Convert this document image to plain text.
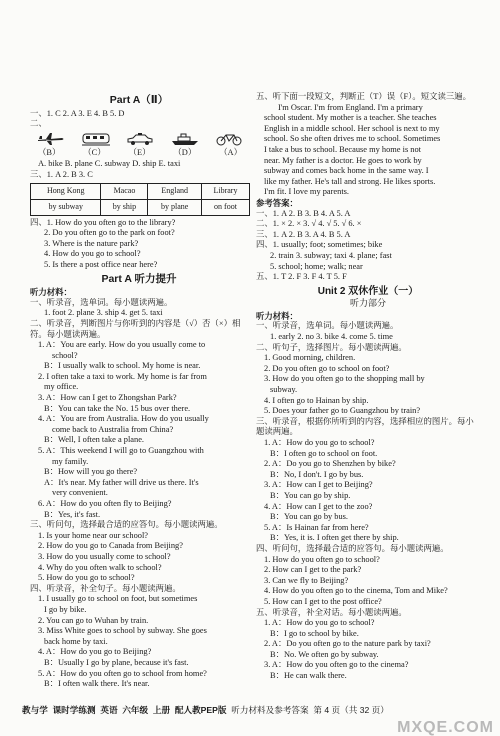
Part A（Ⅱ）
一、1. C 2. A 3. E 4. B 5. D
二、
（B）	（C）	（E）	（D）	（A）
A. bike B. plane C. subway D. ship E. taxi
三、1. A 2. B 3. C
Hong Kong	Macao	England	Library
by subway	by ship	by plane	on foot
四、1. How do you often go to the library?
2. Do you often go to the park on foot?
3. Where is the nature park?
4. How do you go to school?
5. Is there a post office near here?
Part A 听力提升
听力材料：
一、听录音，选单词。每小题读两遍。
1. foot 2. plane 3. ship 4. get 5. taxi
二、听录音，判断图片与你听到的内容是（√）否（×）相符。每小题读两遍。
1. A：You are early. How do you usually come to
school?
B：I usually walk to school. My home is near.
2. I often take a taxi to work. My home is far from
my office.
3. A：How can I get to Zhongshan Park?
B：You can take the No. 15 bus over there.
4. A：You are from Australia. How do you usually
come back to Australia from China?
B：Well, I often take a plane.
5. A：This weekend I will go to Guangzhou with
my family.
B：How will you go there?
A：It's near. My father will drive us there. It's
very convenient.
6. A：How do you often fly to Beijing?
B：Yes, it's fast.
三、听问句，选择最合适的应答句。每小题读两遍。
1. Is your home near our school?
2. How do you go to Canada from Beijing?
3. How do you usually come to school?
4. Why do you often walk to school?
5. How do you go to school?
四、听录音，补全句子。每小题读两遍。
1. I usually go to school on foot, but sometimes
I go by bike.
2. You can go to Wuhan by train.
3. Miss White goes to school by subway. She goes
back home by taxi.
4. A：How do you go to Beijing?
B：Usually I go by plane, because it's fast.
5. A：How do you often go to school from home?
B：I often walk there. It's near.
五、听下面一段短文，判断正（T）误（F）。短文读三遍。
I'm Oscar. I'm from England. I'm a primary
school student. My mother is a teacher. She teaches
English in a middle school. Her school is next to my
school. So she often drives me to school. Sometimes
I take a bus to school. Because my home is not
near. My father is a doctor. He goes to work by
subway and comes back home in the same way. I
like my father. He's tall and strong. He likes sports.
I'm fit. I love my parents.
参考答案：
一、1. A 2. B 3. B 4. A 5. A
二、1. × 2. × 3. √ 4. √ 5. √ 6. ×
三、1. A 2. B 3. A 4. B 5. A
四、1. usually; foot; sometimes; bike
2. train 3. subway; taxi 4. plane; fast
5. school; home; walk; near
五、1. T 2. F 3. F 4. T 5. F
Unit 2 双休作业（一）
听力部分
听力材料：
一、听录音，选单词。每小题读两遍。
1. early 2. no 3. bike 4. come 5. time
二、听句子，选择图片。每小题读两遍。
1. Good morning, children.
2. Do you often go to school on foot?
3. How do you often go to the shopping mall by
subway.
4. I often go to Hainan by ship.
5. Does your father go to Guangzhou by train?
三、听录音，根据你所听到的内容，选择相应的图片。每小题读两遍。
1. A：How do you go to school?
B：I often go to school on foot.
2. A：Do you go to Shenzhen by bike?
B：No, I don't. I go by bus.
3. A：How can I get to Beijing?
B：You can go by ship.
4. A：How can I get to the zoo?
B：You can go by bus.
5. A：Is Hainan far from here?
B：Yes, it is. I often get there by ship.
四、听问句，选择最合适的应答句。每小题读两遍。
1. How do you often go to school?
2. How can I get to the park?
3. Can we fly to Beijing?
4. How do you often go to the cinema, Tom and Mike?
5. How can I get to the post office?
五、听录音，补全对话。每小题读两遍。
1. A：How do you go to school?
B：I go to school by bike.
2. A：Do you often go to the nature park by taxi?
B：No. We often go by subway.
3. A：How do you often go to the cinema?
B：He can walk there.
教与学 课时学练测 英语 六年级 上册 配人教PEP版 听力材料及参考答案 第 4 页（共 32 页）
MXQE.COM
